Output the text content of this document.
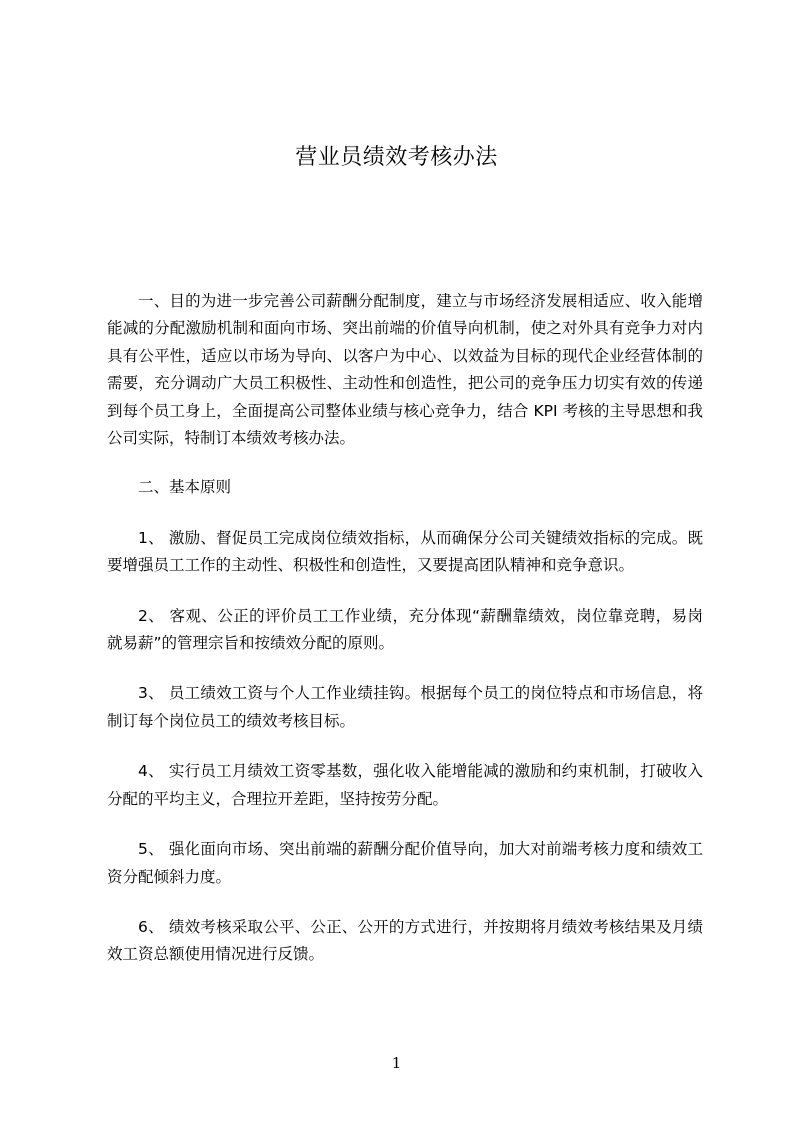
营业员绩效考核办法

一、目的为进一步完善公司薪酬分配制度，建立与市场经济发展相适应、收入能增能减的分配激励机制和面向市场、突出前端的价值导向机制，使之对外具有竞争力对内具有公平性，适应以市场为导向、以客户为中心、以效益为目标的现代企业经营体制的需要，充分调动广大员工积极性、主动性和创造性，把公司的竞争压力切实有效的传递到每个员工身上，全面提高公司整体业绩与核心竞争力，结合 KPI 考核的主导思想和我公司实际，特制订本绩效考核办法。

二、基本原则

1、 激励、督促员工完成岗位绩效指标，从而确保分公司关键绩效指标的完成。既要增强员工工作的主动性、积极性和创造性，又要提高团队精神和竞争意识。

2、 客观、公正的评价员工工作业绩，充分体现“薪酬靠绩效，岗位靠竞聘，易岗就易薪”的管理宗旨和按绩效分配的原则。

3、 员工绩效工资与个人工作业绩挂钩。根据每个员工的岗位特点和市场信息，将制订每个岗位员工的绩效考核目标。

4、 实行员工月绩效工资零基数，强化收入能增能减的激励和约束机制，打破收入分配的平均主义，合理拉开差距，坚持按劳分配。

5、 强化面向市场、突出前端的薪酬分配价值导向，加大对前端考核力度和绩效工资分配倾斜力度。

6、 绩效考核采取公平、公正、公开的方式进行，并按期将月绩效考核结果及月绩效工资总额使用情况进行反馈。

1
